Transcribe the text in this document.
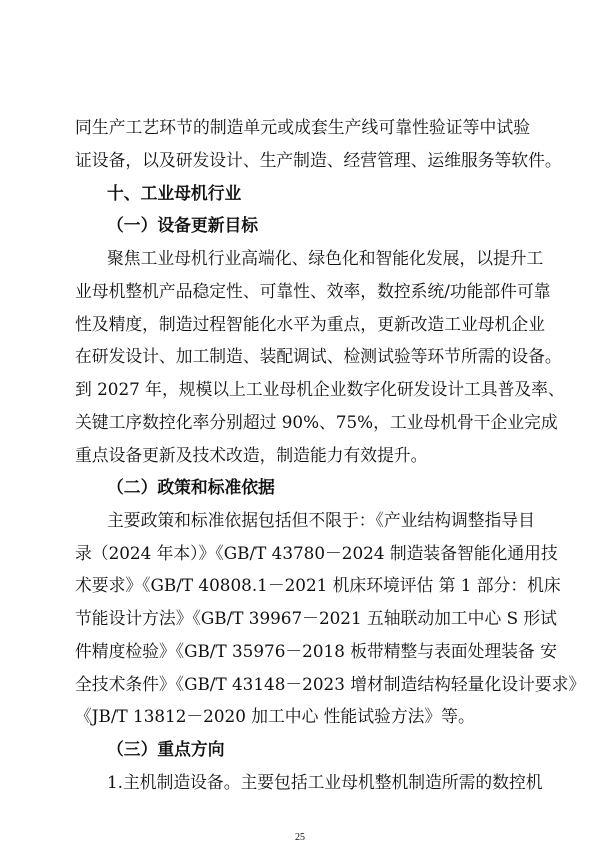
同生产工艺环节的制造单元或成套生产线可靠性验证等中试验
证设备，以及研发设计、生产制造、经营管理、运维服务等软件。
十、工业母机行业
（一）设备更新目标
聚焦工业母机行业高端化、绿色化和智能化发展，以提升工
业母机整机产品稳定性、可靠性、效率，数控系统/功能部件可靠
性及精度，制造过程智能化水平为重点，更新改造工业母机企业
在研发设计、加工制造、装配调试、检测试验等环节所需的设备。
到 2027 年，规模以上工业母机企业数字化研发设计工具普及率、
关键工序数控化率分别超过 90%、75%，工业母机骨干企业完成
重点设备更新及技术改造，制造能力有效提升。
（二）政策和标准依据
主要政策和标准依据包括但不限于：《产业结构调整指导目
录（2024 年本）》《GB/T 43780－2024 制造装备智能化通用技
术要求》《GB/T 40808.1－2021 机床环境评估 第 1 部分：机床
节能设计方法》《GB/T 39967－2021 五轴联动加工中心 S 形试
件精度检验》《GB/T 35976－2018 板带精整与表面处理装备 安
全技术条件》《GB/T 43148－2023 增材制造结构轻量化设计要求》
《JB/T 13812－2020 加工中心 性能试验方法》等。
（三）重点方向
1.主机制造设备。主要包括工业母机整机制造所需的数控机
25
